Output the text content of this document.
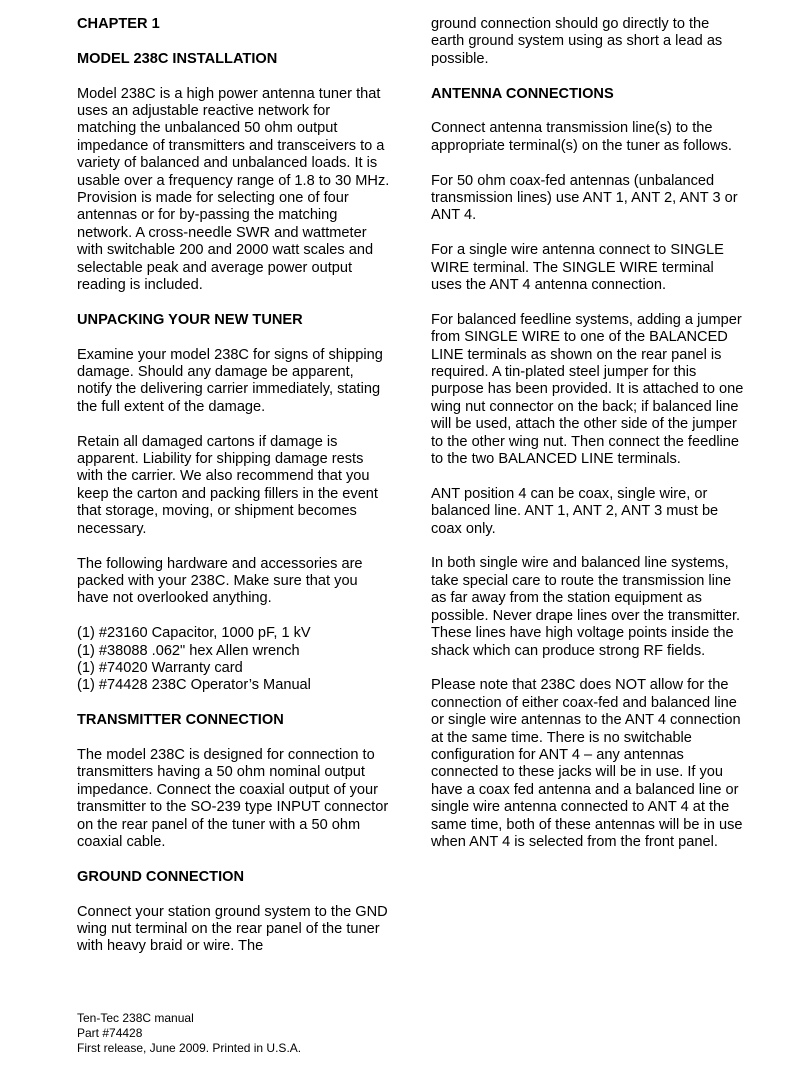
CHAPTER 1
MODEL 238C INSTALLATION

Model 238C is a high power antenna tuner that uses an adjustable reactive network for matching the unbalanced 50 ohm output impedance of transmitters and transceivers to a variety of balanced and unbalanced loads. It is usable over a frequency range of 1.8 to 30 MHz. Provision is made for selecting one of four antennas or for by-passing the matching network. A cross-needle SWR and wattmeter with switchable 200 and 2000 watt scales and selectable peak and average power output reading is included.

UNPACKING YOUR NEW TUNER

Examine your model 238C for signs of shipping damage. Should any damage be apparent, notify the delivering carrier immediately, stating the full extent of the damage.

Retain all damaged cartons if damage is apparent. Liability for shipping damage rests with the carrier. We also recommend that you keep the carton and packing fillers in the event that storage, moving, or shipment becomes necessary.

The following hardware and accessories are packed with your 238C. Make sure that you have not overlooked anything.

(1) #23160 Capacitor, 1000 pF, 1 kV

(1) #38088 .062" hex Allen wrench

(1) #74020 Warranty card

(1) #74428 238C Operator’s Manual

TRANSMITTER CONNECTION

The model 238C is designed for connection to transmitters having a 50 ohm nominal output impedance. Connect the coaxial output of your transmitter to the SO-239 type INPUT connector on the rear panel of the tuner with a 50 ohm coaxial cable.

GROUND CONNECTION

Connect your station ground system to the GND wing nut terminal on the rear panel of the tuner with heavy braid or wire. The

ground connection should go directly to the earth ground system using as short a lead as possible.

ANTENNA CONNECTIONS

Connect antenna transmission line(s) to the appropriate terminal(s) on the tuner as follows.

For 50 ohm coax-fed antennas (unbalanced transmission lines) use ANT 1, ANT 2, ANT 3 or ANT 4.

For a single wire antenna connect to SINGLE WIRE terminal. The SINGLE WIRE terminal uses the ANT 4 antenna connection.

For balanced feedline systems, adding a jumper from SINGLE WIRE to one of the BALANCED LINE terminals as shown on the rear panel is required. A tin-plated steel jumper for this purpose has been provided. It is attached to one wing nut connector on the back; if balanced line will be used, attach the other side of the jumper to the other wing nut. Then connect the feedline to the two BALANCED LINE terminals.

ANT position 4 can be coax, single wire, or balanced line. ANT 1, ANT 2, ANT 3 must be coax only.

In both single wire and balanced line systems, take special care to route the transmission line as far away from the station equipment as possible. Never drape lines over the transmitter. These lines have high voltage points inside the shack which can produce strong RF fields.

Please note that 238C does NOT allow for the connection of either coax-fed and balanced line or single wire antennas to the ANT 4 connection at the same time. There is no switchable configuration for ANT 4 – any antennas connected to these jacks will be in use. If you have a coax fed antenna and a balanced line or single wire antenna connected to ANT 4 at the same time, both of these antennas will be in use when ANT 4 is selected from the front panel.

Ten-Tec 238C manual
Part #74428
First release, June 2009. Printed in U.S.A.
